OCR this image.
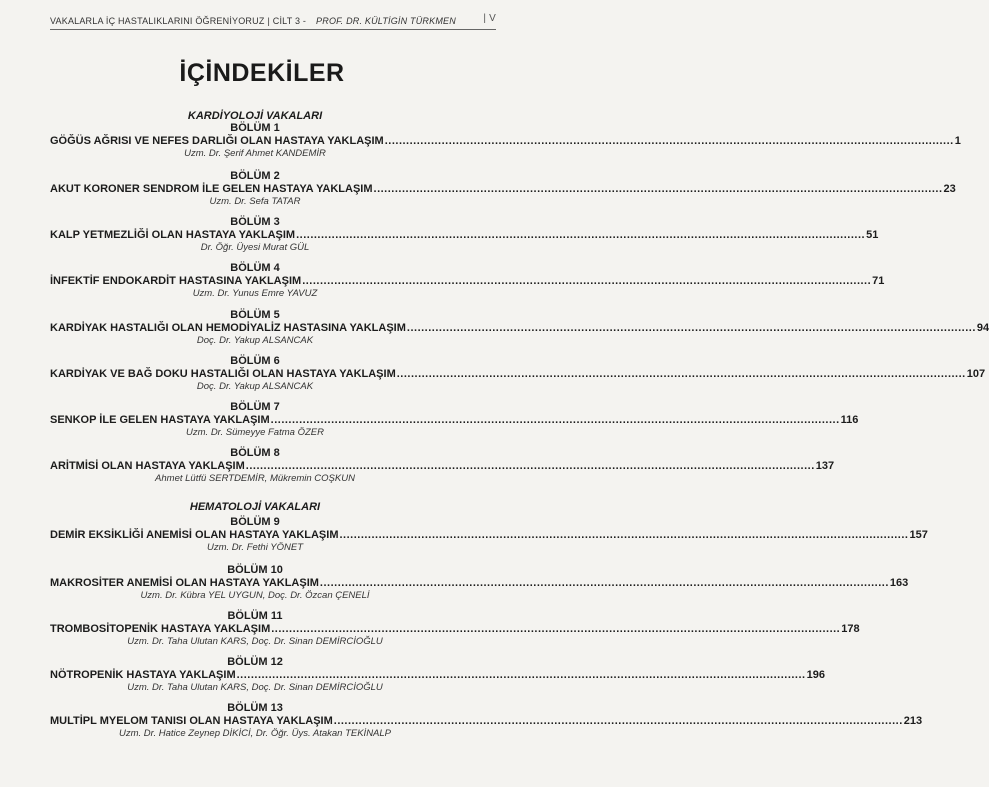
VAKALARLA İÇ HASTALIKLARINI ÖĞRENİYORUZ | CİLT 3 - PROF. DR. KÜLTİGİN TÜRKMEN	| V
İÇİNDEKİLER
KARDİYOLOJİ VAKALARI
HEMATOLOJİ VAKALARI
BÖLÜM 1
GÖĞÜS AĞRISI VE NEFES DARLIĞI OLAN HASTAYA YAKLAŞIM ................................................................................................................................................................ 1
Uzm. Dr. Şerif Ahmet KANDEMİR
BÖLÜM 2
AKUT KORONER SENDROM İLE GELEN HASTAYA YAKLAŞIM ................................................................................................................................................................ 23
Uzm. Dr. Sefa TATAR
BÖLÜM 3
KALP YETMEZLİĞİ OLAN HASTAYA YAKLAŞIM ................................................................................................................................................................ 51
Dr. Öğr. Üyesi Murat GÜL
BÖLÜM 4
İNFEKTİF ENDOKARDİT HASTASINA YAKLAŞIM ................................................................................................................................................................ 71
Uzm. Dr. Yunus Emre YAVUZ
BÖLÜM 5
KARDİYAK HASTALIĞI OLAN HEMODİYALİZ HASTASINA YAKLAŞIM ................................................................................................................................................................ 94
Doç. Dr. Yakup ALSANCAK
BÖLÜM 6
KARDİYAK VE BAĞ DOKU HASTALIĞI OLAN HASTAYA YAKLAŞIM ................................................................................................................................................................ 107
Doç. Dr. Yakup ALSANCAK
BÖLÜM 7
SENKOP İLE GELEN HASTAYA YAKLAŞIM ................................................................................................................................................................ 116
Uzm. Dr. Sümeyye Fatma ÖZER
BÖLÜM 8
ARİTMİSİ OLAN HASTAYA YAKLAŞIM ................................................................................................................................................................ 137
Ahmet Lütfü SERTDEMİR, Mükremin COŞKUN
BÖLÜM 9
DEMİR EKSİKLİĞİ ANEMİSİ OLAN HASTAYA YAKLAŞIM ................................................................................................................................................................ 157
Uzm. Dr. Fethi YÖNET
BÖLÜM 10
MAKROSİTER ANEMİSİ OLAN HASTAYA YAKLAŞIM ................................................................................................................................................................ 163
Uzm. Dr. Kübra YEL UYGUN, Doç. Dr. Özcan ÇENELİ
BÖLÜM 11
TROMBOSİTOPENİK HASTAYA YAKLAŞIM ................................................................................................................................................................ 178
Uzm. Dr. Taha Ulutan KARS, Doç. Dr. Sinan DEMİRCİOĞLU
BÖLÜM 12
NÖTROPENİK HASTAYA YAKLAŞIM ................................................................................................................................................................ 196
Uzm. Dr. Taha Ulutan KARS, Doç. Dr. Sinan DEMİRCİOĞLU
BÖLÜM 13
MULTİPL MYELOM TANISI OLAN HASTAYA YAKLAŞIM ................................................................................................................................................................ 213
Uzm. Dr. Hatice Zeynep DİKİCİ, Dr. Öğr. Üys. Atakan TEKİNALP
